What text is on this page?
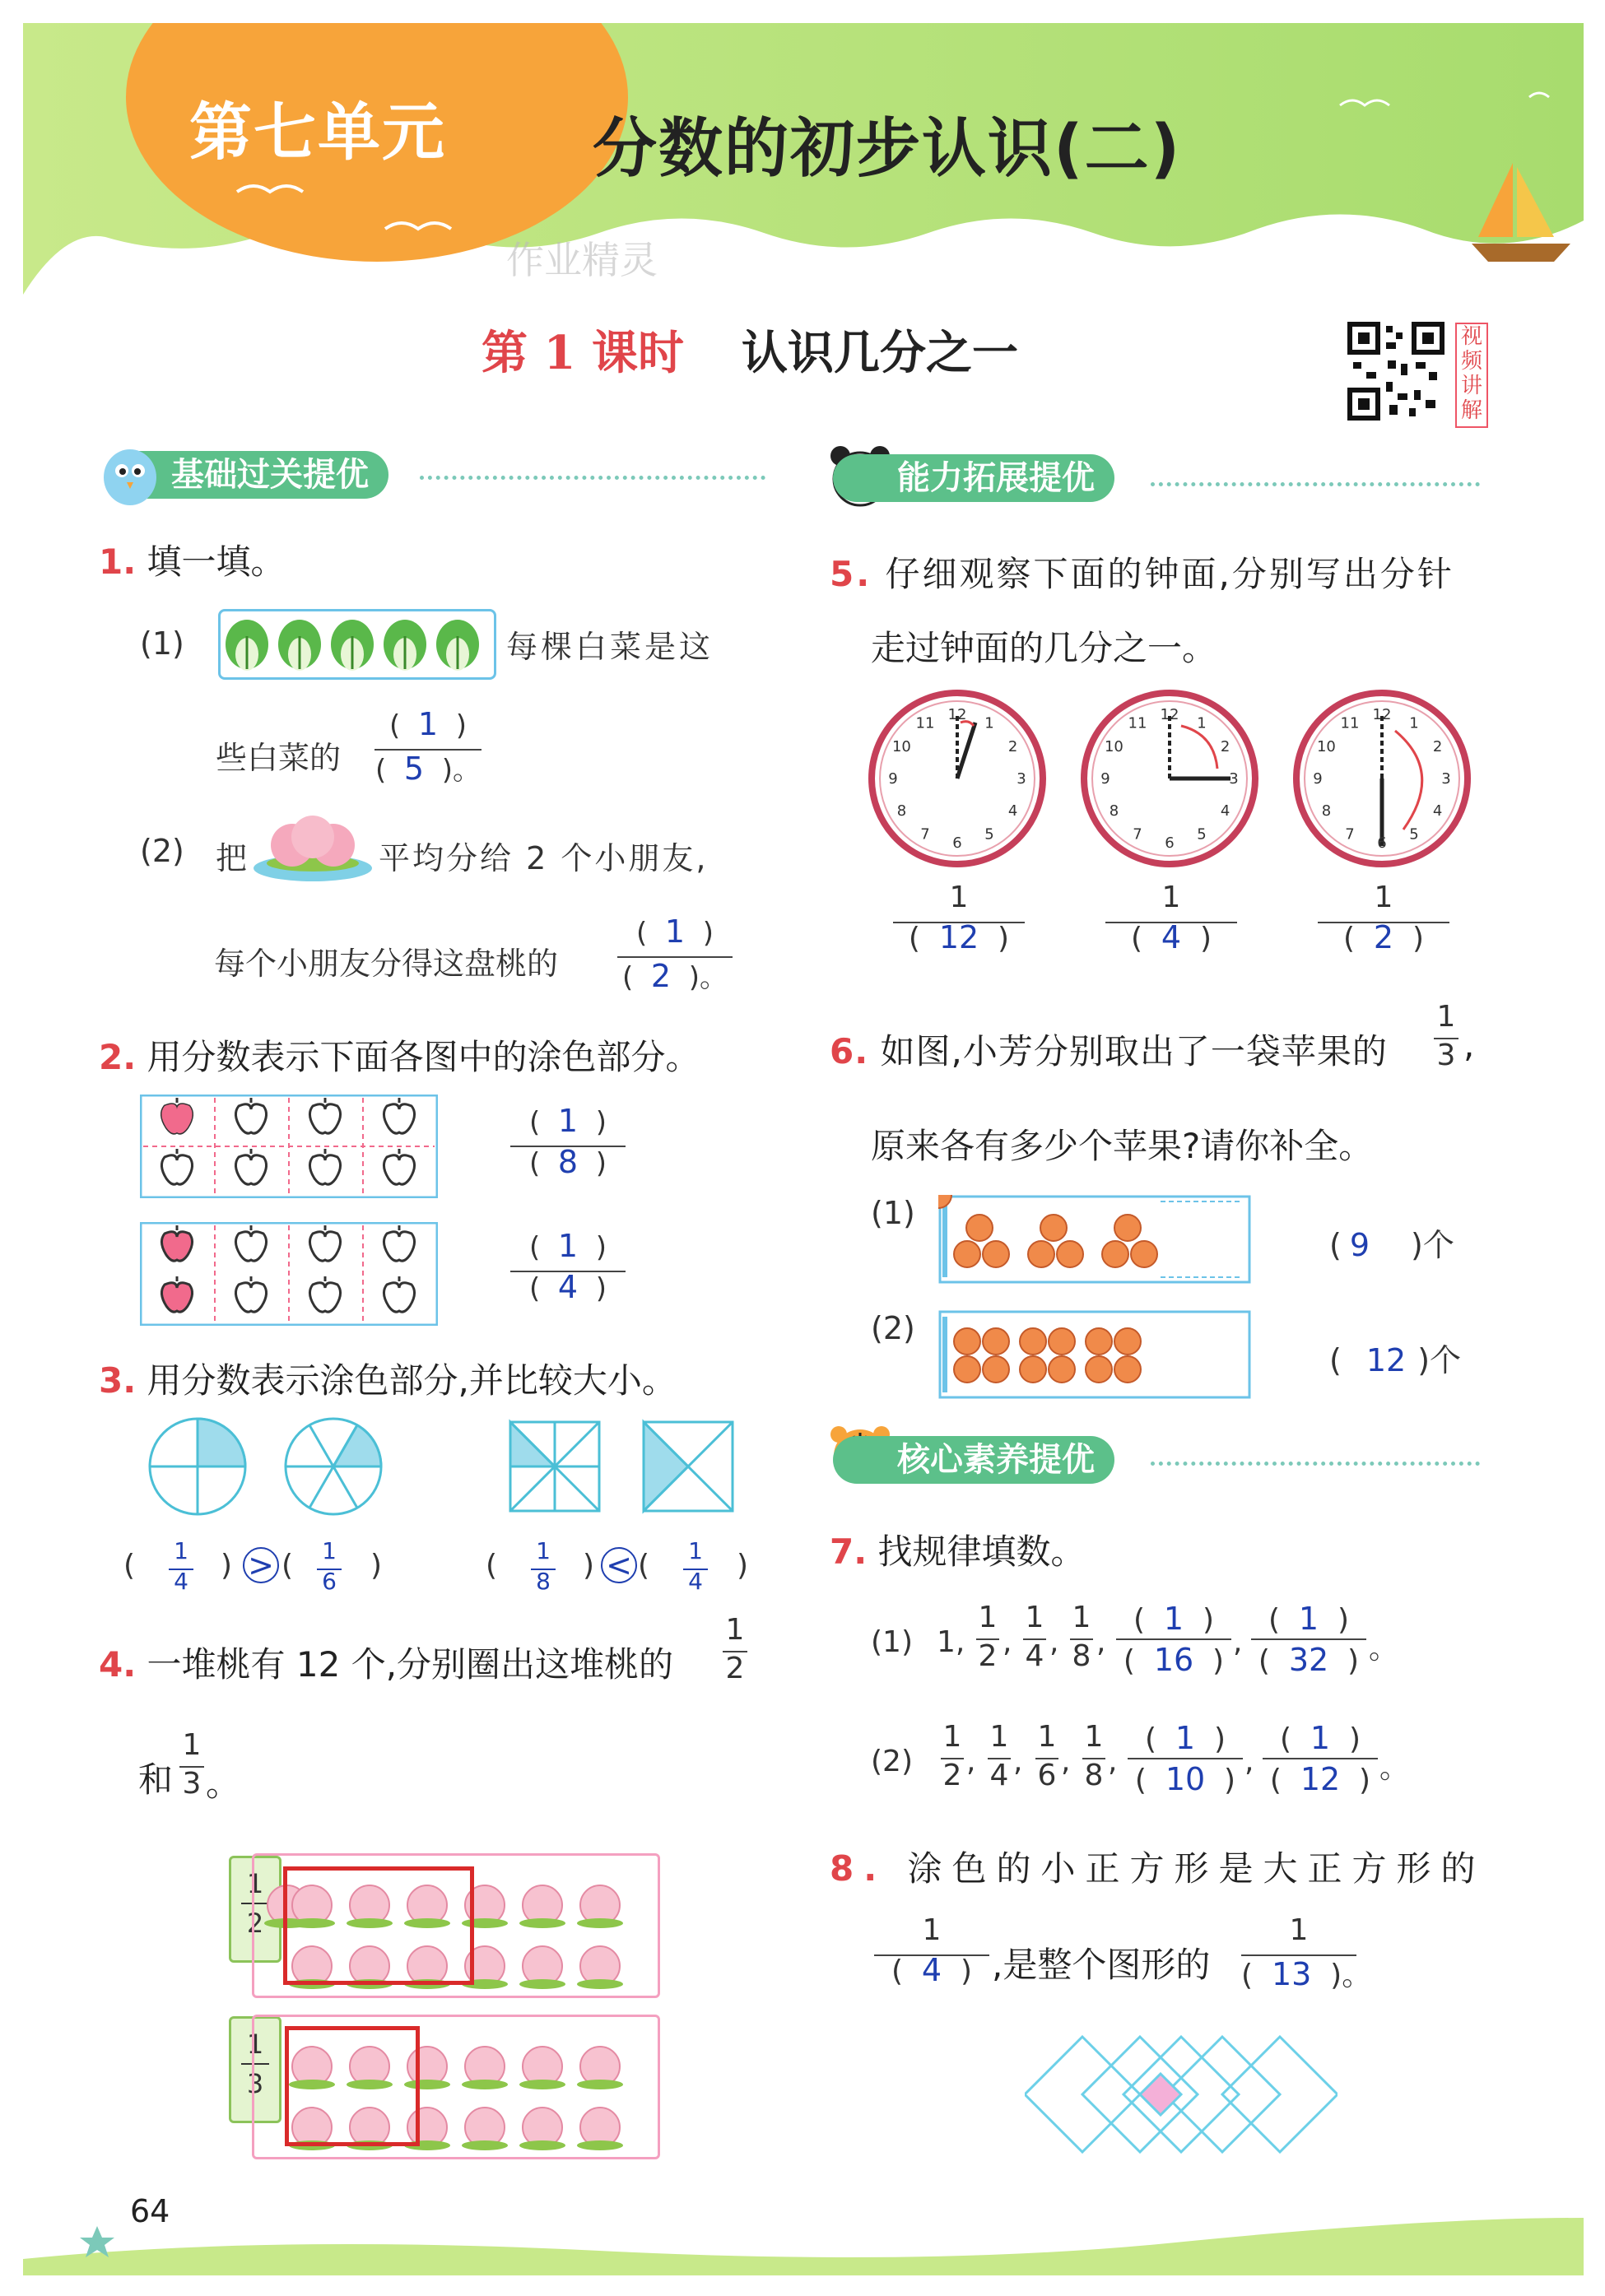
第七单元 分数的初步认识(二)
作业精灵
第 1 课时 认识几分之一	视频讲解
基础过关提优
1. 填一填。
(1)	每棵白菜是这
些白菜的
(  1  )
(  5  )。
(2) 把	平均分给 2 个小朋友,
每个小朋友分得这盘桃的
(  1  )
(  2  )。
2. 用分数表示下面各图中的涂色部分。
(  1  )
(  8  )
(  1  )
(  4  )
3. 用分数表示涂色部分,并比较大小。
( 1
4 ) > ( 1
6 )	( 1
8 ) < ( 1
4 )
4. 一堆桃有 12 个,分别圈出这堆桃的
1
2
和
1
3 。
1
2
1
3
能力拓展提优
5. 仔细观察下面的钟面,分别写出分针
走过钟面的几分之一。
12 1
2
3
4
5
6
7
8
9
10
11	12 1
2
3
4
5
6
7
8
9
10
11	12 1
2
3
4
5
6
7
8
9
10
11
1
(  12  )
1
(  4  )
1
(  2  )
6. 如图,小芳分别取出了一袋苹果的
1
3 ,
原来各有多少个苹果?请你补全。
(1)
( 9 )个
(2)
( 12 )个
核心素养提优
7. 找规律填数。
(1) 1,
1
2 ,
1
4 ,
1
8 ,
(  1  )
(  16  )
,
(  1  )
(  32  ) 。
(2)
1
2 ,
1
4 ,
1
6 ,
1
8 ,
(  1  )
(  10  )
,
(  1  )
(  12  ) 。
8. 涂色的小正方形是大正方形的
1
(  4  ) ,是整个图形的
1
(  13  )。
64
